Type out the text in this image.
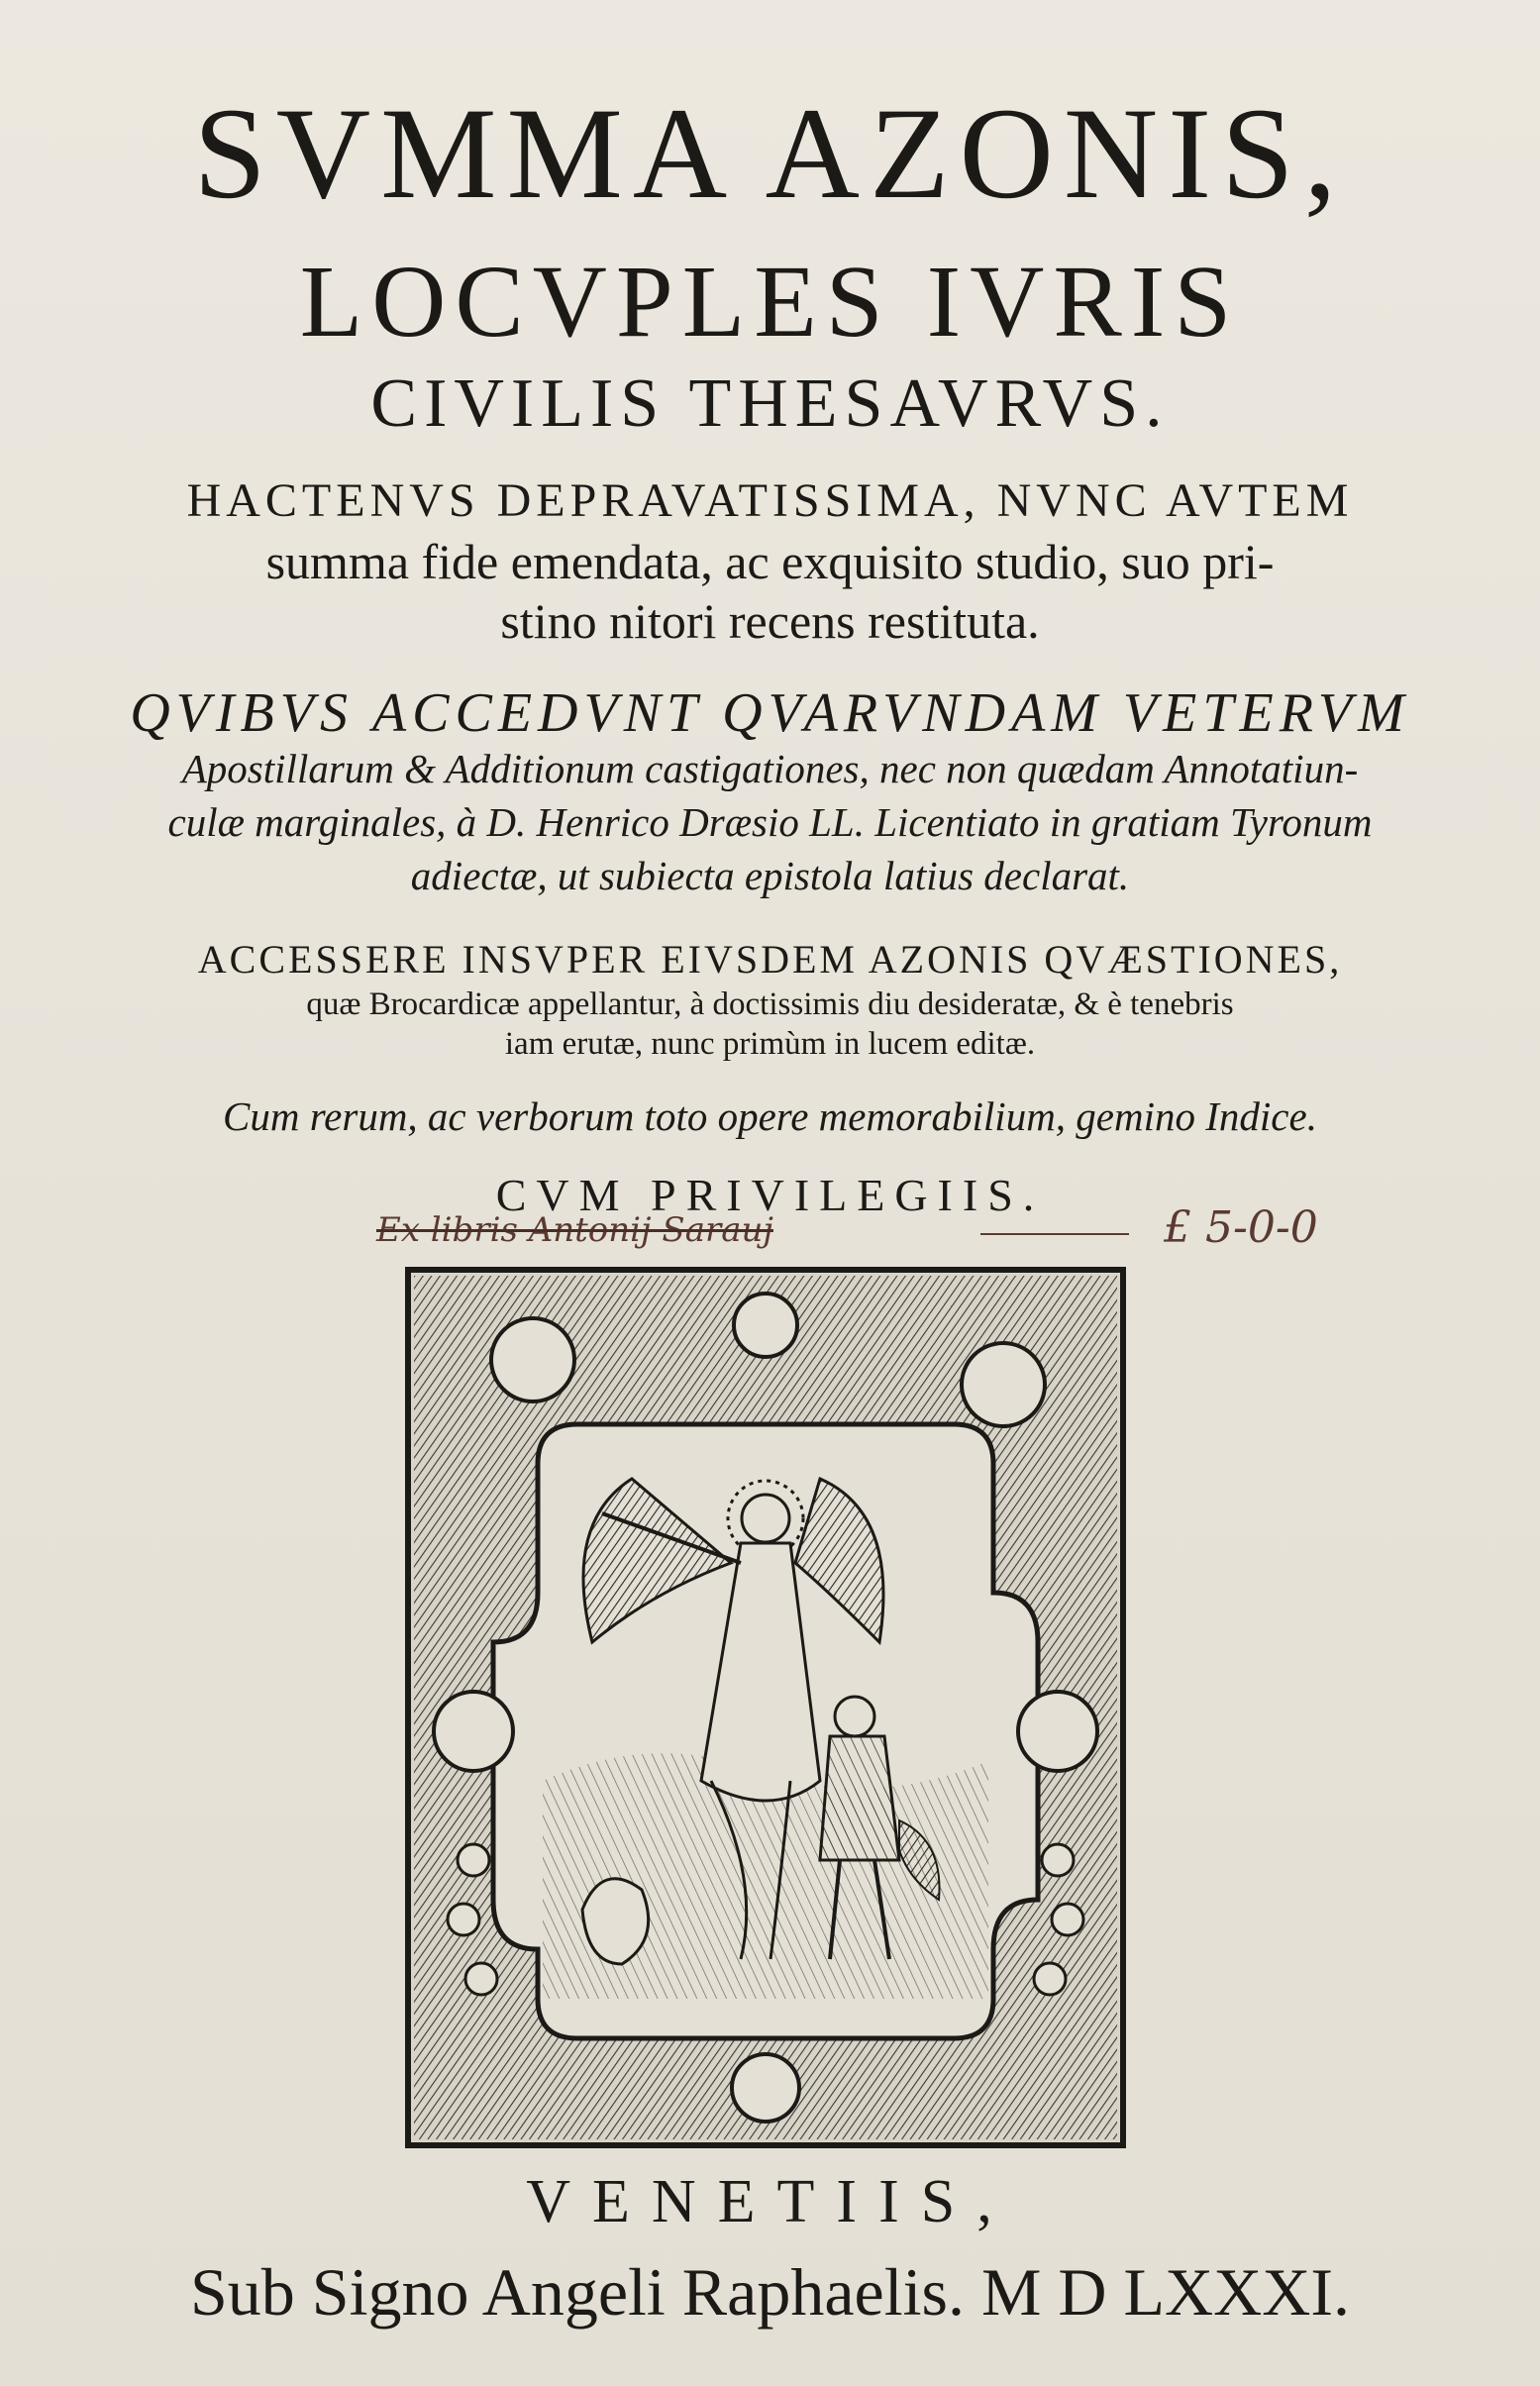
SVMMA AZONIS,
LOCVPLES IVRIS
CIVILIS THESAVRVS.
HACTENVS DEPRAVATISSIMA, NVNC AVTEM
summa fide emendata, ac exquisito studio, suo pri-
stino nitori recens restituta.
QVIBVS ACCEDVNT QVARVNDAM VETERVM
Apostillarum & Additionum castigationes, nec non quædam Annotatiun-
culæ marginales, à D. Henrico Dræsio LL. Licentiato in gratiam Tyronum
adiectæ, ut subiecta epistola latius declarat.
ACCESSERE INSVPER EIVSDEM AZONIS QVÆSTIONES,
quæ Brocardicæ appellantur, à doctissimis diu desideratæ, & è tenebris
iam erutæ, nunc primùm in lucem editæ.
Cum rerum, ac verborum toto opere memorabilium, gemino Indice.
CVM PRIVILEGIIS.
Ex libris Antonij Sarauj	£ 5-0-0
VENETIIS,
Sub Signo Angeli Raphaelis. M D LXXXI.
